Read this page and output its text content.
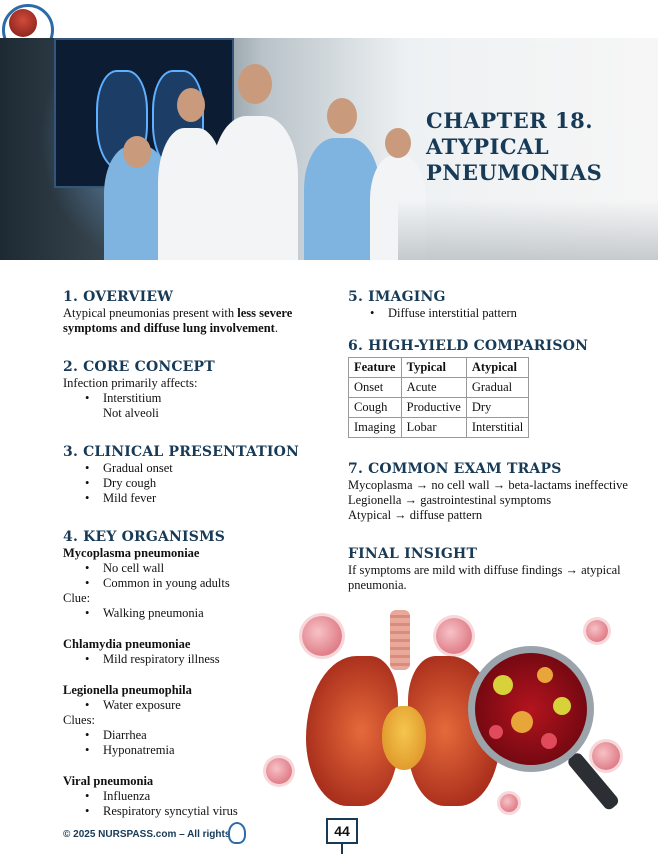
CHAPTER 18.
ATYPICAL
PNEUMONIAS
1. OVERVIEW

Atypical pneumonias present with less severe symptoms and diffuse lung involvement.

2. CORE CONCEPT

Infection primarily affects:

• Interstitium
Not alveoli
3. CLINICAL PRESENTATION
• Gradual onset
• Dry cough
• Mild fever
4. KEY ORGANISMS

Mycoplasma pneumoniae

• No cell wall
• Common in young adults

Clue:

• Walking pneumonia

Chlamydia pneumoniae

• Mild respiratory illness

Legionella pneumophila

• Water exposure

Clues:

• Diarrhea
• Hyponatremia

Viral pneumonia

• Influenza
• Respiratory syncytial virus
5. IMAGING
• Diffuse interstitial pattern
6. HIGH-YIELD COMPARISON
Feature	Typical	Atypical
Onset	Acute	Gradual
Cough	Productive	Dry
Imaging	Lobar	Interstitial
7. COMMON EXAM TRAPS

Mycoplasma → no cell wall → beta-lactams ineffective

Legionella → gastrointestinal symptoms

Atypical → diffuse pattern

FINAL INSIGHT

If symptoms are mild with diffuse findings → atypical pneumonia.

© 2025 NURSPASS.com – All rights	44
